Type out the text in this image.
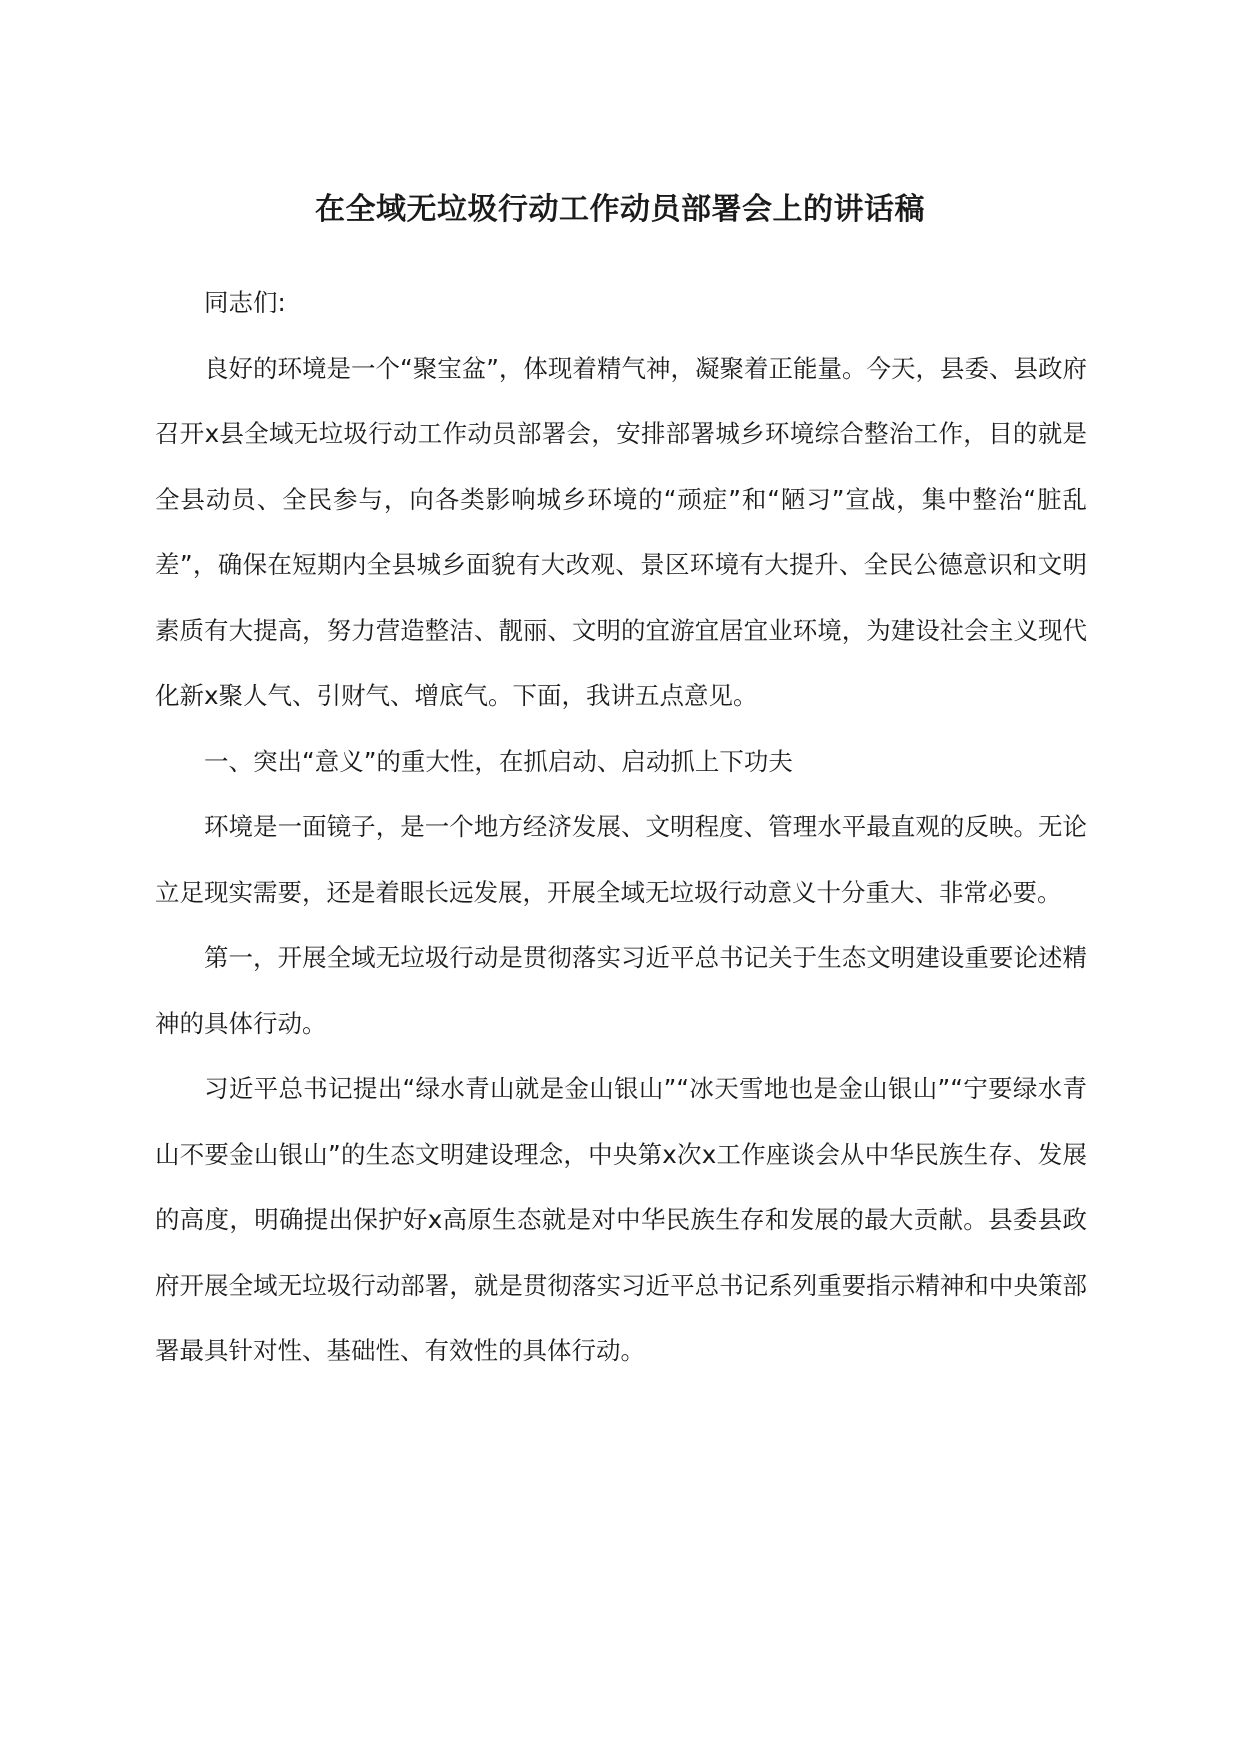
在全域无垃圾行动工作动员部署会上的讲话稿

同志们:

良好的环境是一个“聚宝盆”，体现着精气神，凝聚着正能量。今天，县委、县政府召开x县全域无垃圾行动工作动员部署会，安排部署城乡环境综合整治工作，目的就是全县动员、全民参与，向各类影响城乡环境的“顽症”和“陋习”宣战，集中整治“脏乱差”，确保在短期内全县城乡面貌有大改观、景区环境有大提升、全民公德意识和文明素质有大提高，努力营造整洁、靓丽、文明的宜游宜居宜业环境，为建设社会主义现代化新x聚人气、引财气、增底气。下面，我讲五点意见。

一、突出“意义”的重大性，在抓启动、启动抓上下功夫

环境是一面镜子，是一个地方经济发展、文明程度、管理水平最直观的反映。无论立足现实需要，还是着眼长远发展，开展全域无垃圾行动意义十分重大、非常必要。

第一，开展全域无垃圾行动是贯彻落实习近平总书记关于生态文明建设重要论述精神的具体行动。

习近平总书记提出“绿水青山就是金山银山”“冰天雪地也是金山银山”“宁要绿水青山不要金山银山”的生态文明建设理念，中央第x次x工作座谈会从中华民族生存、发展的高度，明确提出保护好x高原生态就是对中华民族生存和发展的最大贡献。县委县政府开展全域无垃圾行动部署，就是贯彻落实习近平总书记系列重要指示精神和中央策部署最具针对性、基础性、有效性的具体行动。
